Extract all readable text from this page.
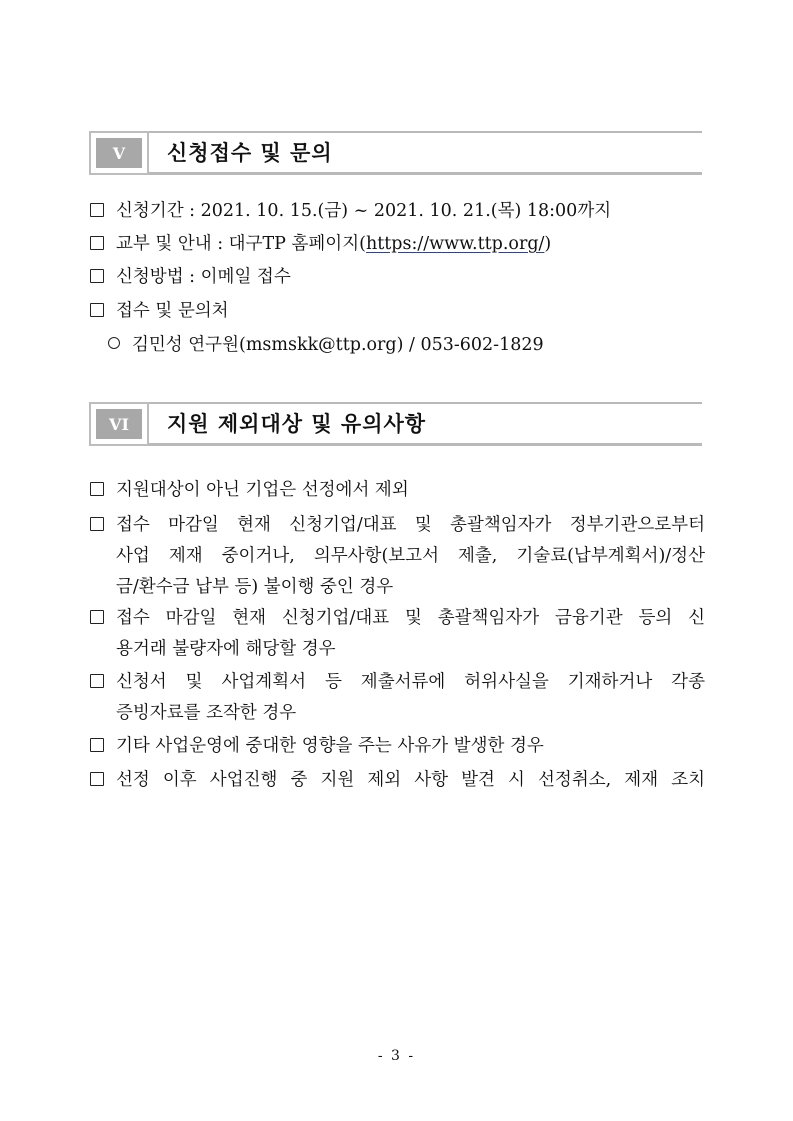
V	신청접수 및 문의
신청기간 : 2021. 10. 15.(금) ~ 2021. 10. 21.(목) 18:00까지
교부 및 안내 : 대구TP 홈페이지(https://www.ttp.org/)
신청방법 : 이메일 접수
접수 및 문의처
김민성 연구원(msmskk@ttp.org) / 053-602-1829
VI	지원 제외대상 및 유의사항
지원대상이 아닌 기업은 선정에서 제외
접수 마감일 현재 신청기업/대표 및 총괄책임자가 정부기관으로부터
사업 제재 중이거나, 의무사항(보고서 제출, 기술료(납부계획서)/정산
금/환수금 납부 등) 불이행 중인 경우
접수 마감일 현재 신청기업/대표 및 총괄책임자가 금융기관 등의 신
용거래 불량자에 해당할 경우
신청서 및 사업계획서 등 제출서류에 허위사실을 기재하거나 각종
증빙자료를 조작한 경우
기타 사업운영에 중대한 영향을 주는 사유가 발생한 경우
선정 이후 사업진행 중 지원 제외 사항 발견 시 선정취소, 제재 조치
- 3 -
